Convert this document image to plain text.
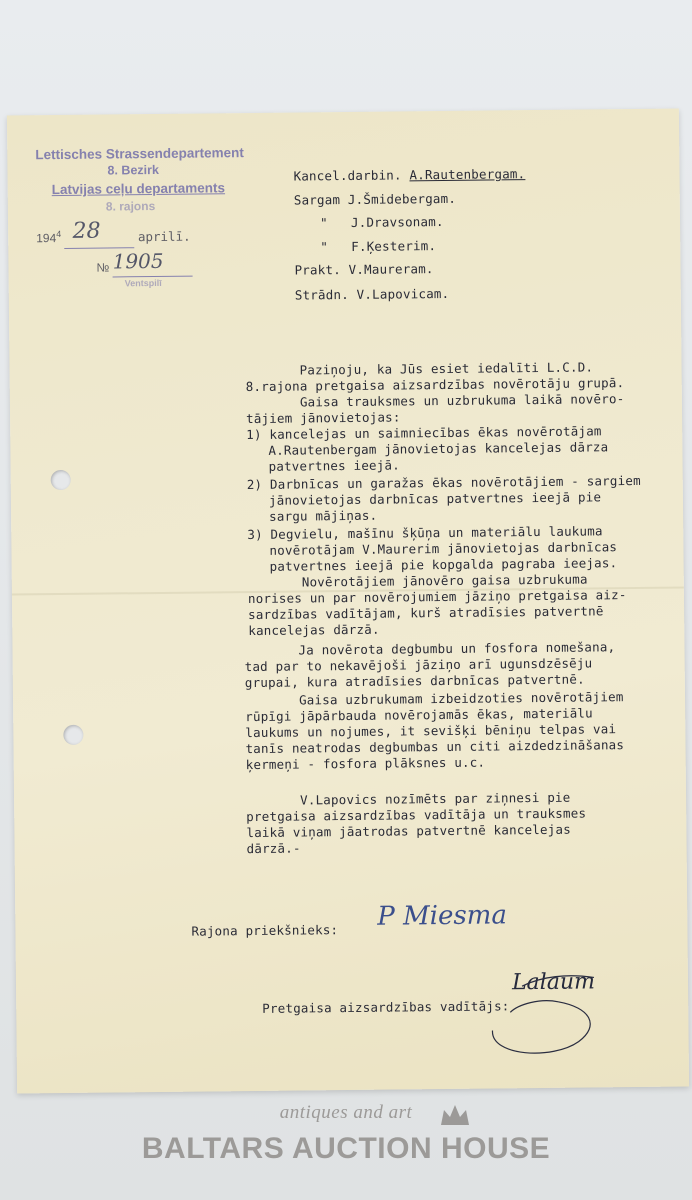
Lettisches Strassendepartement
8. Bezirk
Latvijas ceļu departaments
8. rajons
$194^4$ 28	aprilī.
№ 1905
Ventspilī
Kancel.darbin. A.Rautenbergam.
Sargam J.Šmidebergam.
" J.Dravsonam.
" F.Ķesterim.
Prakt. V.Maureram.
Strādn. V.Lapovicam.
Paziņoju, ka Jūs esiet iedalīti L.C.D.
8.rajona pretgaisa aizsardzības novērotāju grupā.
Gaisa trauksmes un uzbrukuma laikā novēro-
tājiem jānovietojas:
1) kancelejas un saimniecības ēkas novērotājam
A.Rautenbergam jānovietojas kancelejas dārza
patvertnes ieejā.
2) Darbnīcas un garažas ēkas novērotājiem - sargiem
jānovietojas darbnīcas patvertnes ieejā pie
sargu mājiņas.
3) Degvielu, mašīnu šķūņa un materiālu laukuma
novērotājam V.Maurerim jānovietojas darbnīcas
patvertnes ieejā pie kopgalda pagraba ieejas.
Novērotājiem jānovēro gaisa uzbrukuma
norises un par novērojumiem jāziņo pretgaisa aiz-
sardzības vadītājam, kurš atradīsies patvertnē
kancelejas dārzā.
Ja novērota degbumbu un fosfora nomešana,
tad par to nekavējoši jāziņo arī ugunsdzēsēju
grupai, kura atradīsies darbnīcas patvertnē.
Gaisa uzbrukumam izbeidzoties novērotājiem
rūpīgi jāpārbauda novērojamās ēkas, materiālu
laukums un nojumes, it sevišķi bēniņu telpas vai
tanīs neatrodas degbumbas un citi aizdedzināšanas
ķermeņi - fosfora plāksnes u.c.
V.Lapovics nozīmēts par ziņnesi pie
pretgaisa aizsardzības vadītāja un trauksmes
laikā viņam jāatrodas patvertnē kancelejas
dārzā.-
Rajona priekšnieks: P Miesma
Pretgaisa aizsardzības vadītājs:
Lalaum
antiques and art
BALTARS AUCTION HOUSE
